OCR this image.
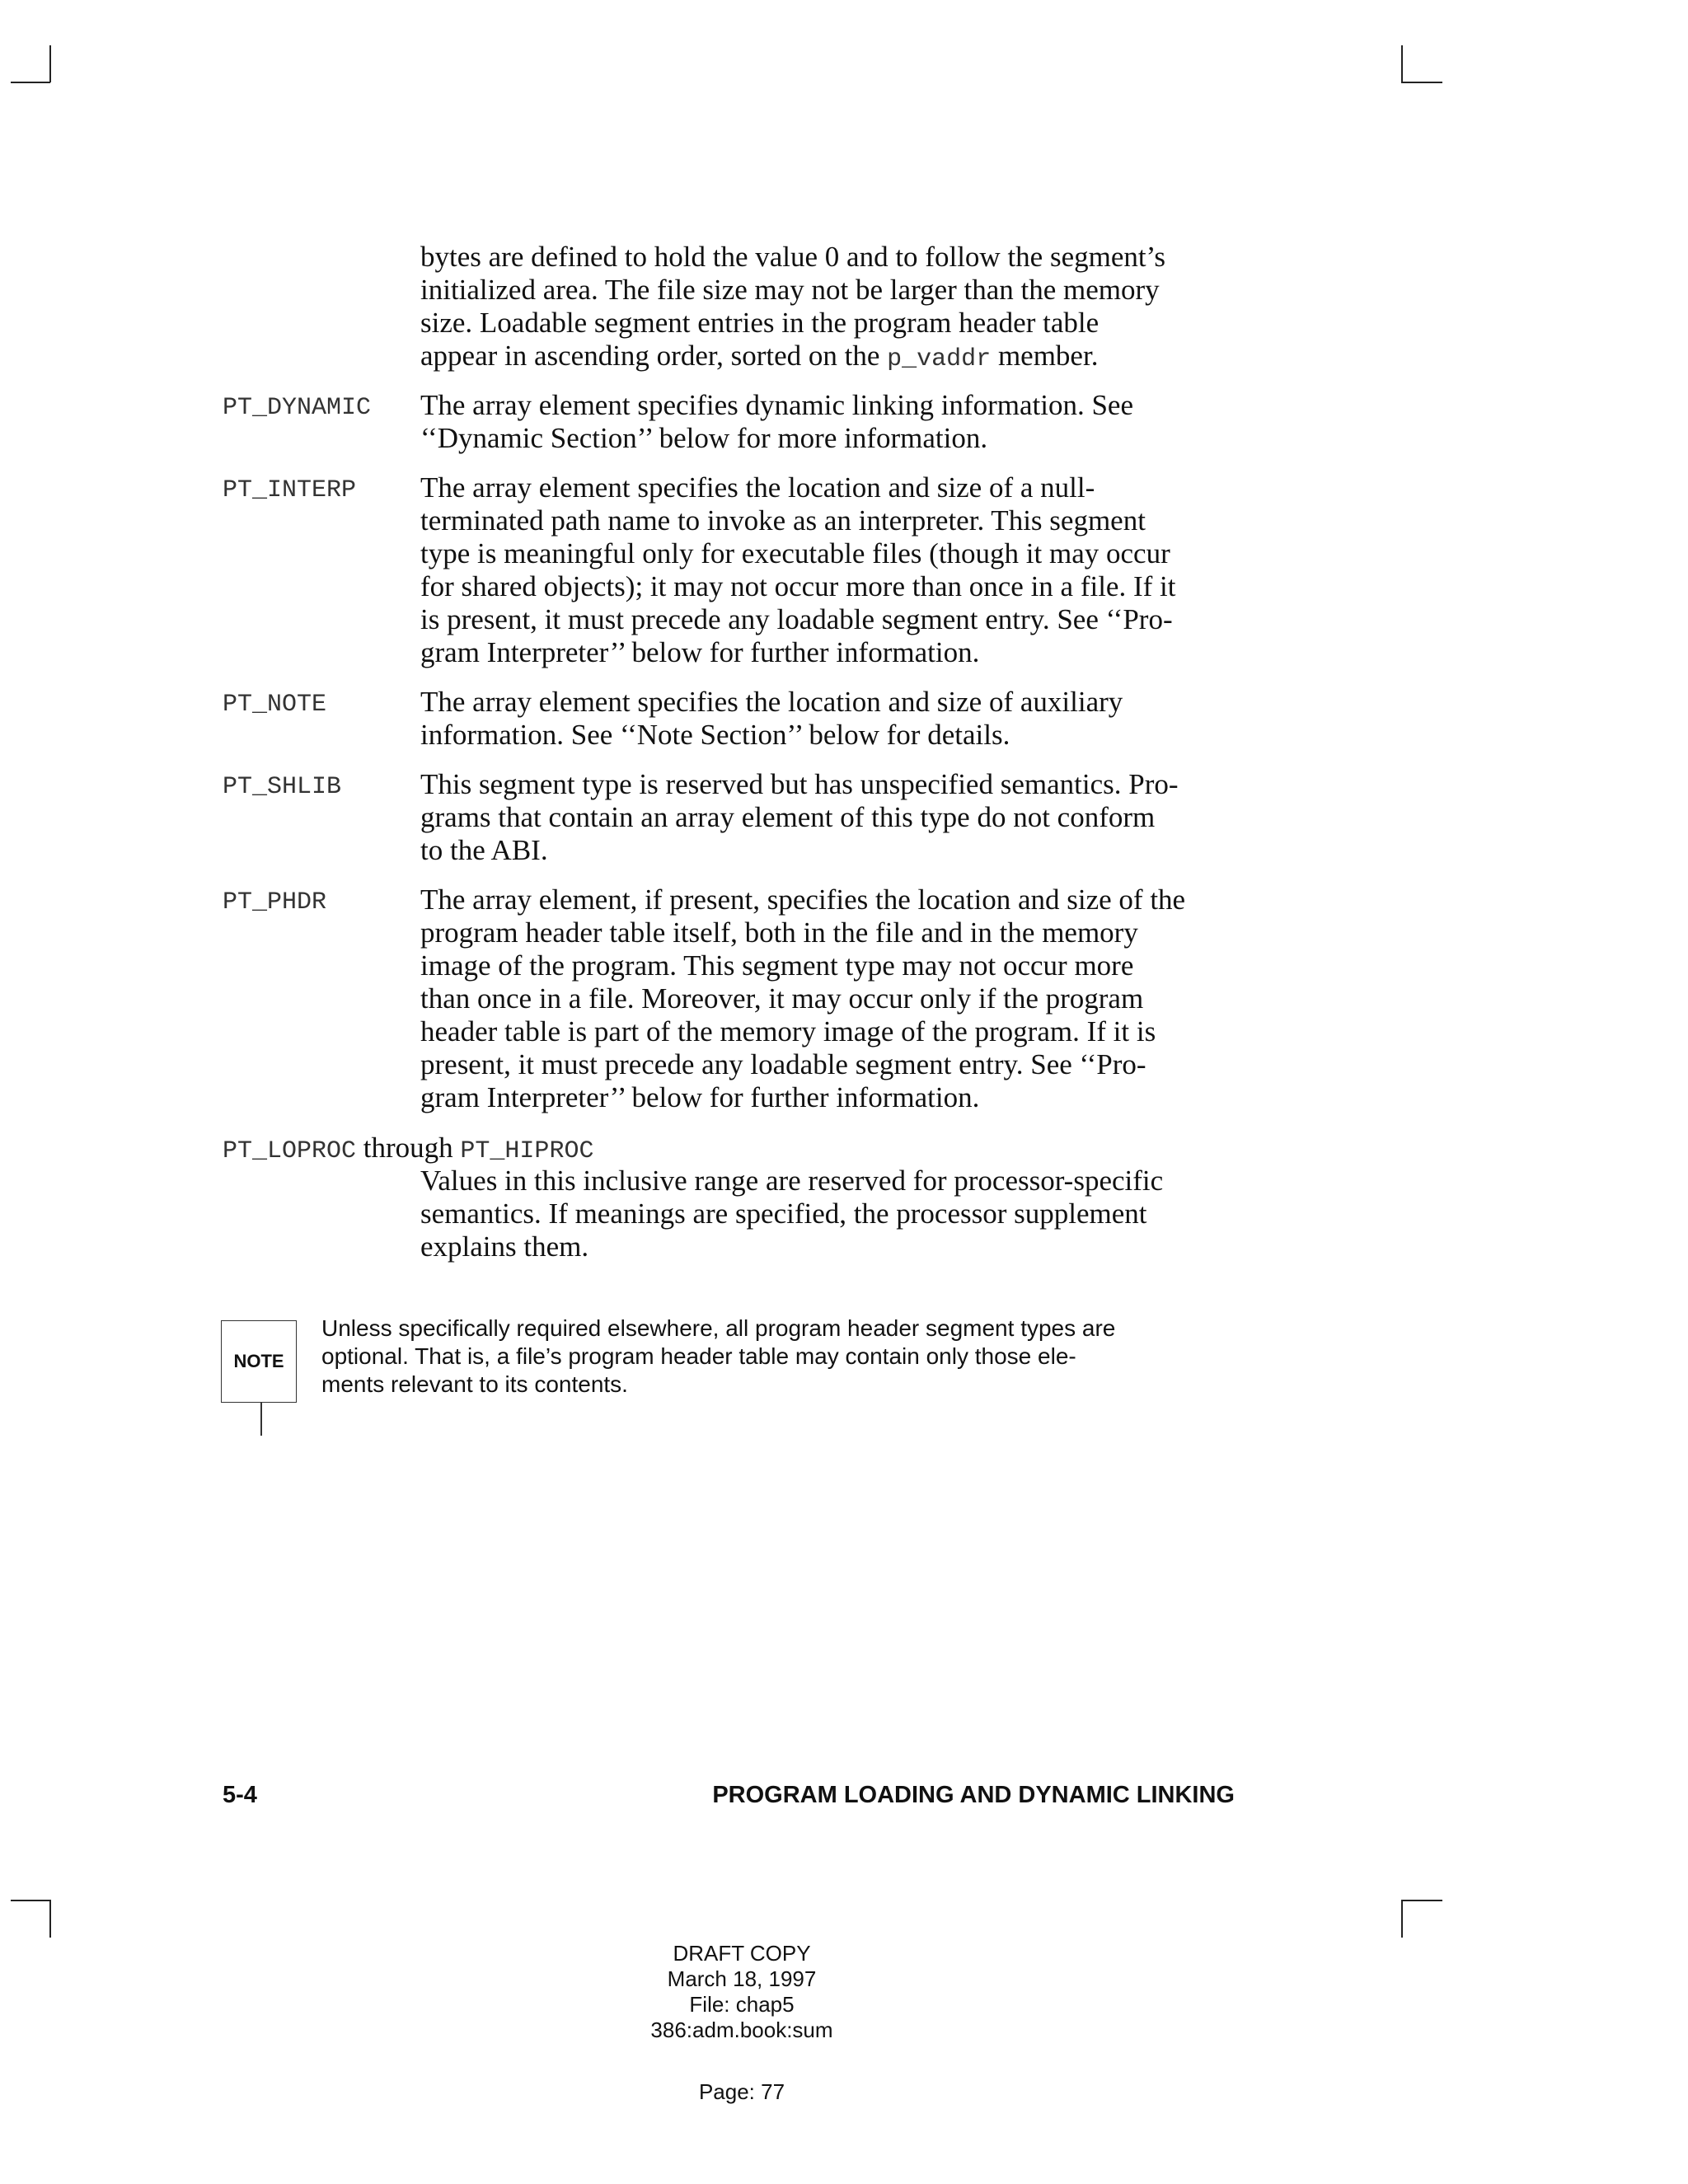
bytes are defined to hold the value 0 and to follow the segment’s

initialized area. The file size may not be larger than the memory

size. Loadable segment entries in the program header table

appear in ascending order, sorted on the p_vaddr member.

PT_DYNAMIC The array element specifies dynamic linking information. See

‘‘Dynamic Section’’ below for more information.

PT_INTERP The array element specifies the location and size of a null-

terminated path name to invoke as an interpreter. This segment

type is meaningful only for executable files (though it may occur

for shared objects); it may not occur more than once in a file. If it

is present, it must precede any loadable segment entry. See ‘‘Pro-

gram Interpreter’’ below for further information.

PT_NOTE	The array element specifies the location and size of auxiliary

information. See ‘‘Note Section’’ below for details.

PT_SHLIB	This segment type is reserved but has unspecified semantics. Pro-

grams that contain an array element of this type do not conform

to the ABI.

PT_PHDR	The array element, if present, specifies the location and size of the

program header table itself, both in the file and in the memory

image of the program. This segment type may not occur more

than once in a file. Moreover, it may occur only if the program

header table is part of the memory image of the program. If it is

present, it must precede any loadable segment entry. See ‘‘Pro-

gram Interpreter’’ below for further information.

PT_LOPROC through PT_HIPROC

Values in this inclusive range are reserved for processor-specific

semantics. If meanings are specified, the processor supplement

explains them.

NOTE
Unless specifically required elsewhere, all program header segment types are
optional. That is, a file’s program header table may contain only those ele-
ments relevant to its contents.
5-4	PROGRAM LOADING AND DYNAMIC LINKING
DRAFT COPY
March 18, 1997
File: chap5
386:adm.book:sum
Page: 77
